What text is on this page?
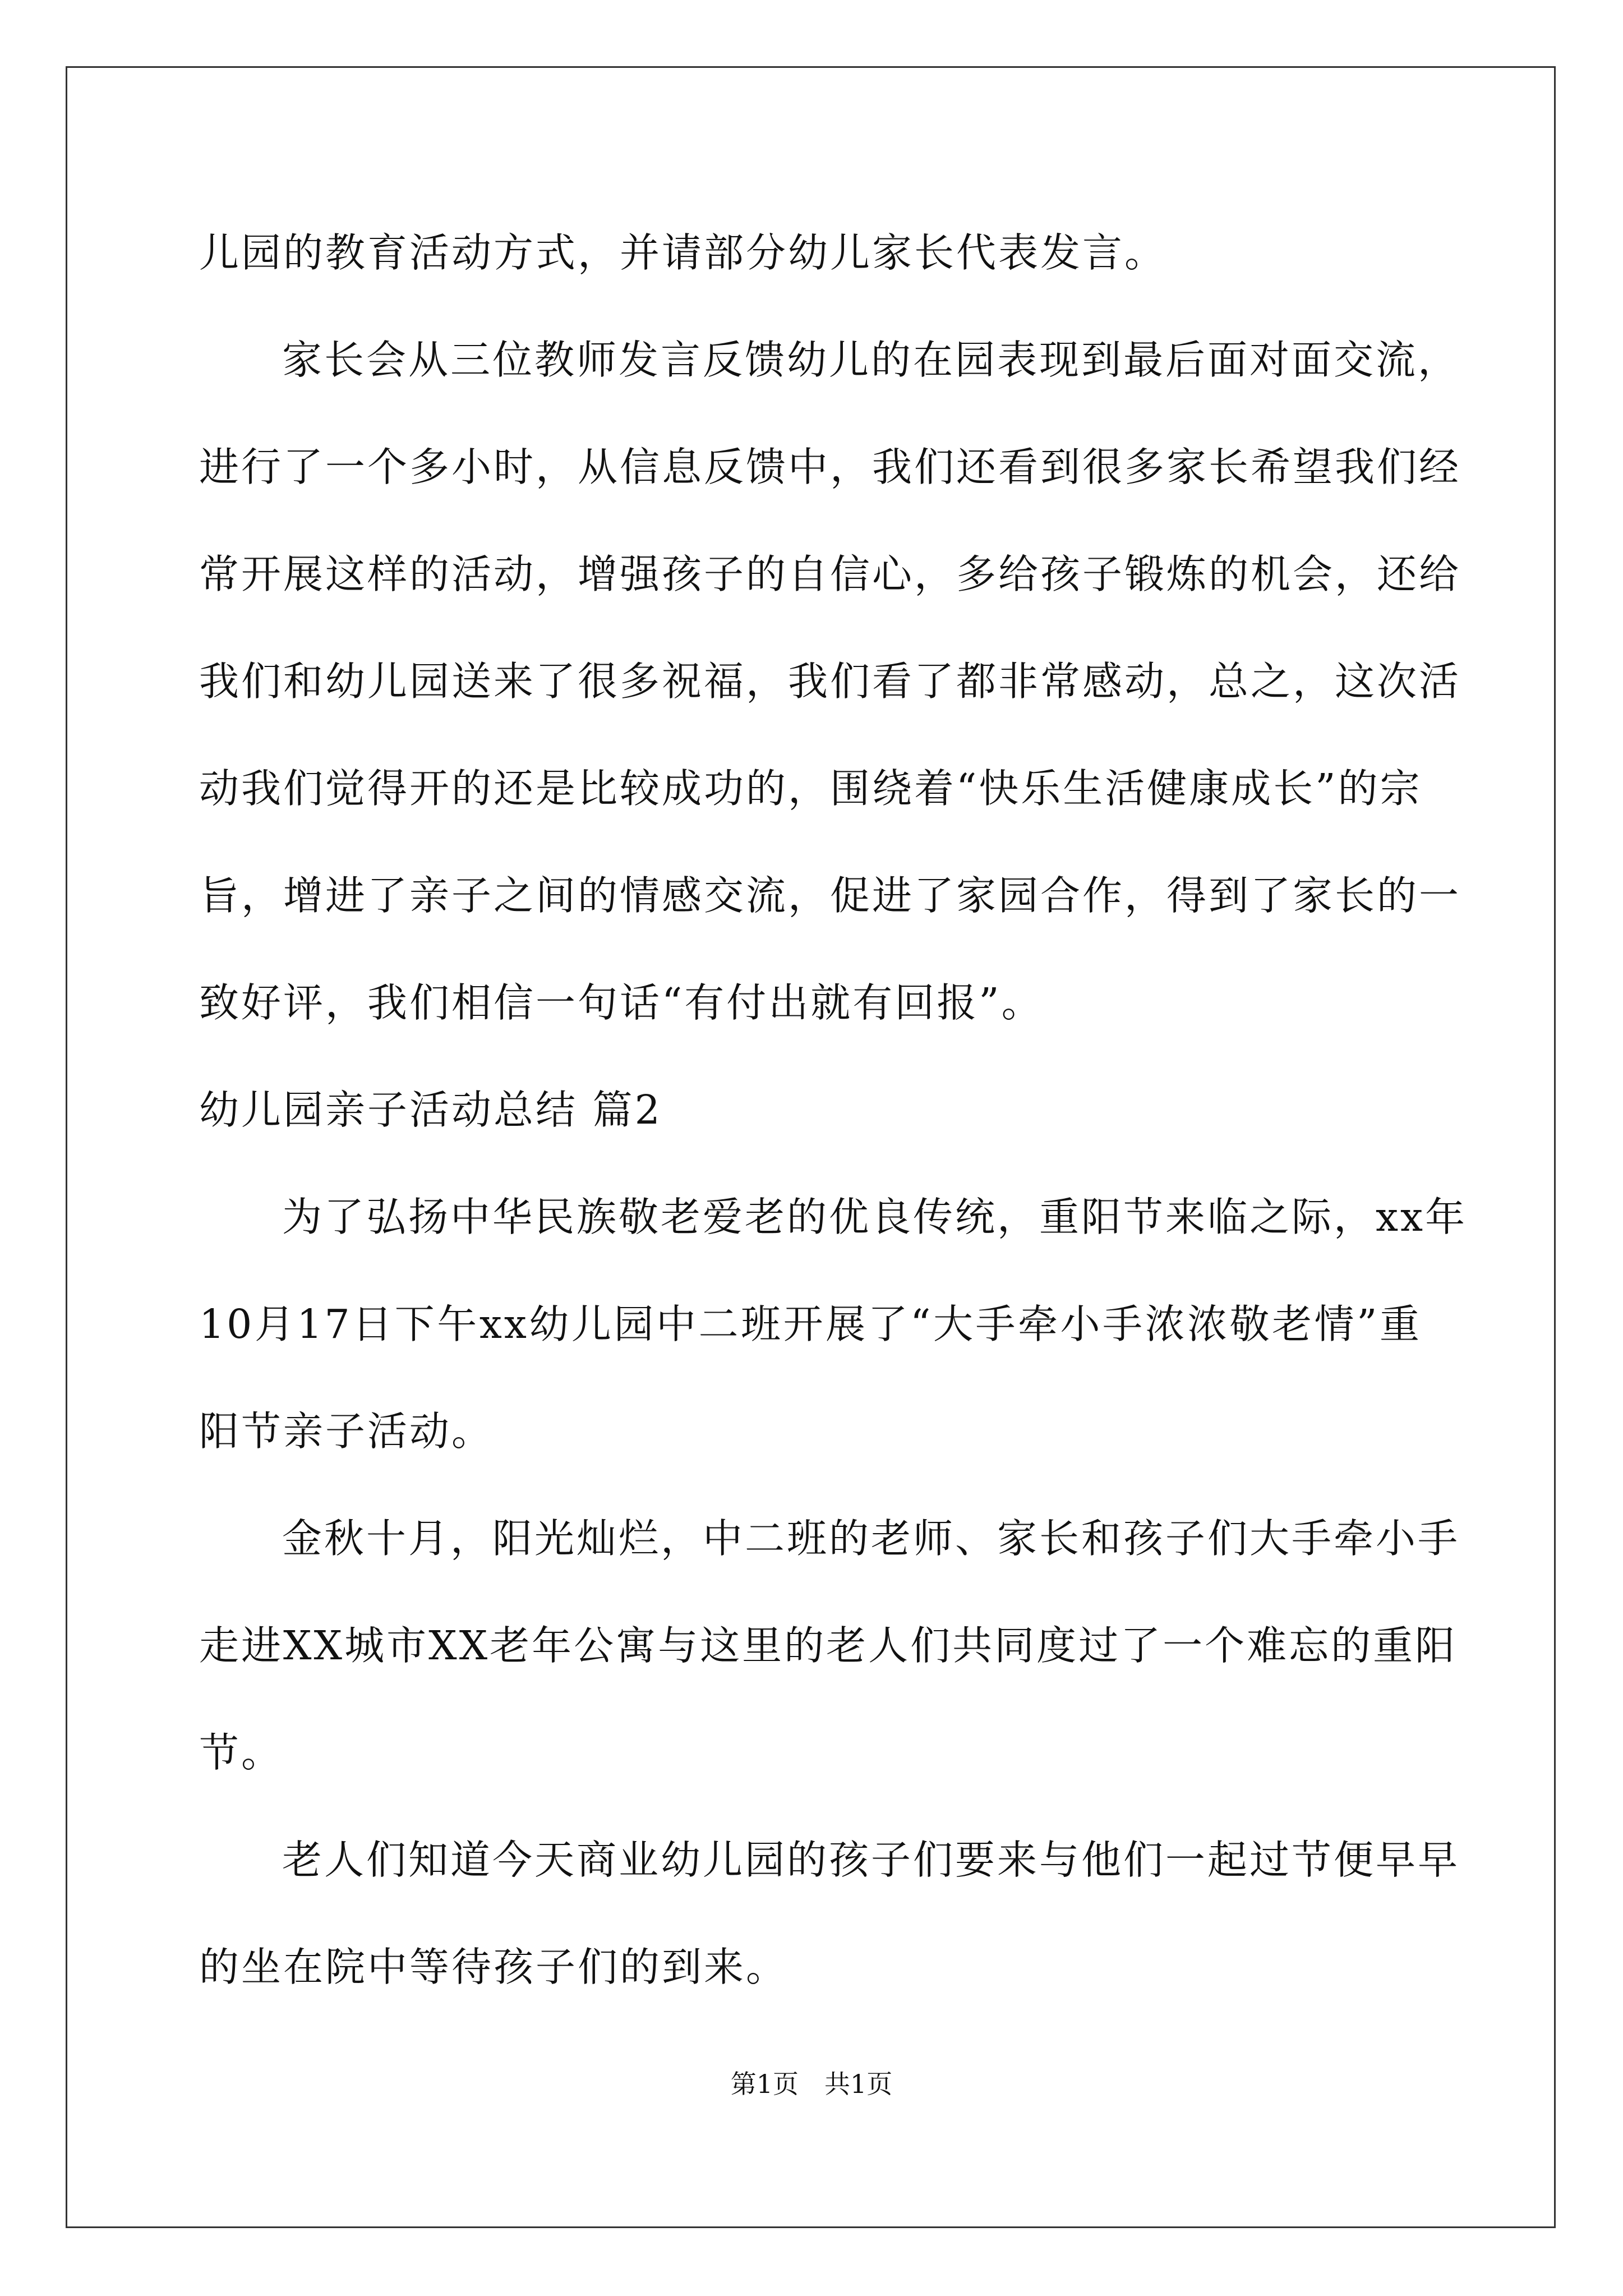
儿园的教育活动方式，并请部分幼儿家长代表发言。
家长会从三位教师发言反馈幼儿的在园表现到最后面对面交流，
进行了一个多小时，从信息反馈中，我们还看到很多家长希望我们经
常开展这样的活动，增强孩子的自信心，多给孩子锻炼的机会，还给
我们和幼儿园送来了很多祝福，我们看了都非常感动，总之，这次活
动我们觉得开的还是比较成功的，围绕着“快乐生活健康成长”的宗
旨，增进了亲子之间的情感交流，促进了家园合作，得到了家长的一
致好评，我们相信一句话“有付出就有回报”。
幼儿园亲子活动总结 篇2
为了弘扬中华民族敬老爱老的优良传统，重阳节来临之际，xx年
10月17日下午xx幼儿园中二班开展了“大手牵小手浓浓敬老情”重
阳节亲子活动。
金秋十月，阳光灿烂，中二班的老师、家长和孩子们大手牵小手
走进XX城市XX老年公寓与这里的老人们共同度过了一个难忘的重阳
节。
老人们知道今天商业幼儿园的孩子们要来与他们一起过节便早早
的坐在院中等待孩子们的到来。
第1页　共1页
